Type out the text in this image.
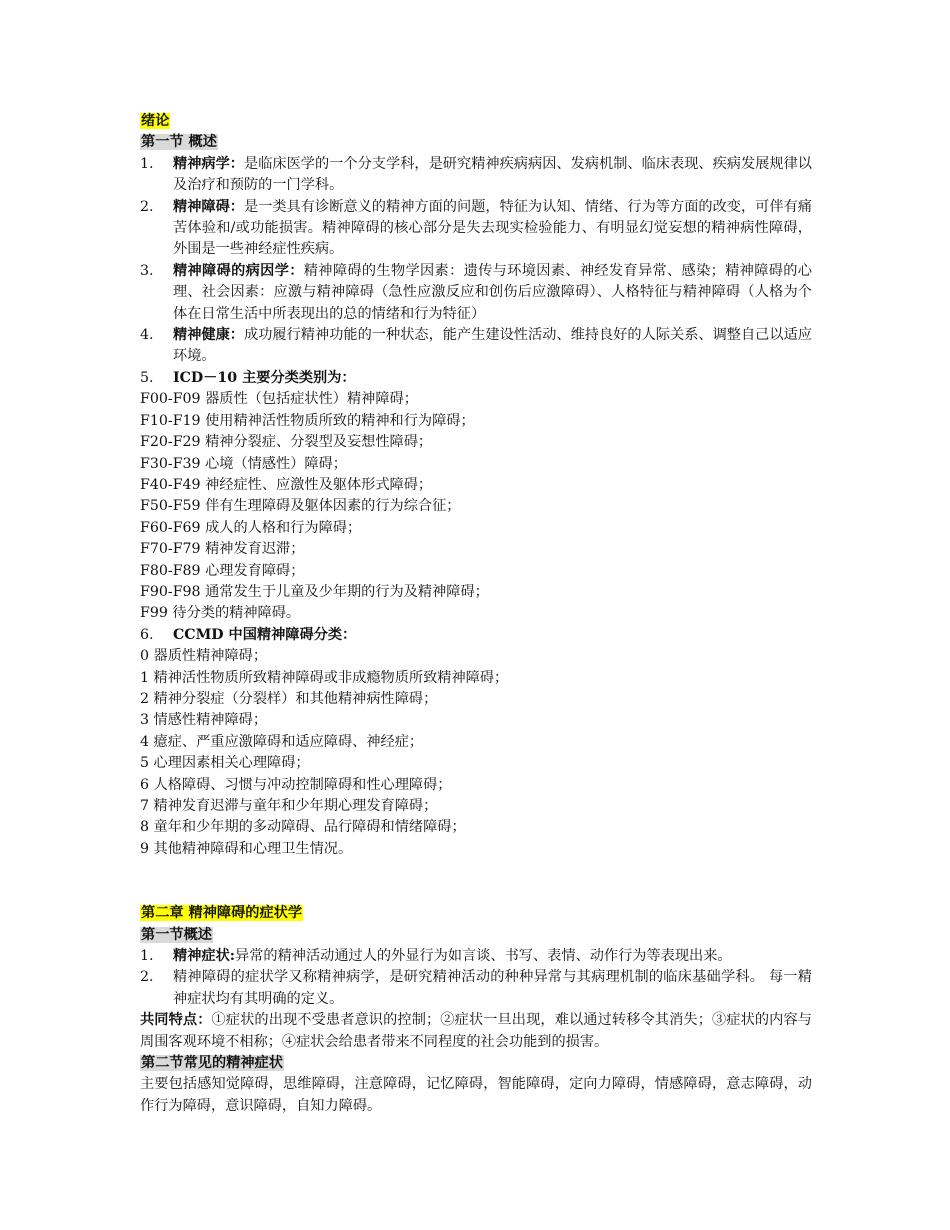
绪论
第一节 概述
1. 精神病学：是临床医学的一个分支学科，是研究精神疾病病因、发病机制、临床表现、疾病发展规律以及治疗和预防的一门学科。
2. 精神障碍：是一类具有诊断意义的精神方面的问题，特征为认知、情绪、行为等方面的改变，可伴有痛苦体验和/或功能损害。精神障碍的核心部分是失去现实检验能力、有明显幻觉妄想的精神病性障碍，外围是一些神经症性疾病。
3. 精神障碍的病因学：精神障碍的生物学因素：遗传与环境因素、神经发育异常、感染；精神障碍的心理、社会因素：应激与精神障碍（急性应激反应和创伤后应激障碍）、人格特征与精神障碍（人格为个体在日常生活中所表现出的总的情绪和行为特征）
4. 精神健康：成功履行精神功能的一种状态，能产生建设性活动、维持良好的人际关系、调整自己以适应环境。
5. ICD－10 主要分类类别为：
F00-F09 器质性（包括症状性）精神障碍；
F10-F19 使用精神活性物质所致的精神和行为障碍；
F20-F29 精神分裂症、分裂型及妄想性障碍；
F30-F39 心境（情感性）障碍；
F40-F49 神经症性、应激性及躯体形式障碍；
F50-F59 伴有生理障碍及躯体因素的行为综合征；
F60-F69 成人的人格和行为障碍；
F70-F79 精神发育迟滞；
F80-F89 心理发育障碍；
F90-F98 通常发生于儿童及少年期的行为及精神障碍；
F99 待分类的精神障碍。
6. CCMD 中国精神障碍分类：
0 器质性精神障碍；
1 精神活性物质所致精神障碍或非成瘾物质所致精神障碍；
2 精神分裂症（分裂样）和其他精神病性障碍；
3 情感性精神障碍；
4 癔症、严重应激障碍和适应障碍、神经症；
5 心理因素相关心理障碍；
6 人格障碍、习惯与冲动控制障碍和性心理障碍；
7 精神发育迟滞与童年和少年期心理发育障碍；
8 童年和少年期的多动障碍、品行障碍和情绪障碍；
9 其他精神障碍和心理卫生情况。
第二章 精神障碍的症状学
第一节概述
1. 精神症状:异常的精神活动通过人的外显行为如言谈、书写、表情、动作行为等表现出来。
2. 精神障碍的症状学又称精神病学，是研究精神活动的种种异常与其病理机制的临床基础学科。 每一精神症状均有其明确的定义。
共同特点：①症状的出现不受患者意识的控制；②症状一旦出现，难以通过转移令其消失；③症状的内容与周围客观环境不相称；④症状会给患者带来不同程度的社会功能到的损害。
第二节常见的精神症状
主要包括感知觉障碍，思维障碍，注意障碍，记忆障碍，智能障碍，定向力障碍，情感障碍，意志障碍，动作行为障碍，意识障碍，自知力障碍。
